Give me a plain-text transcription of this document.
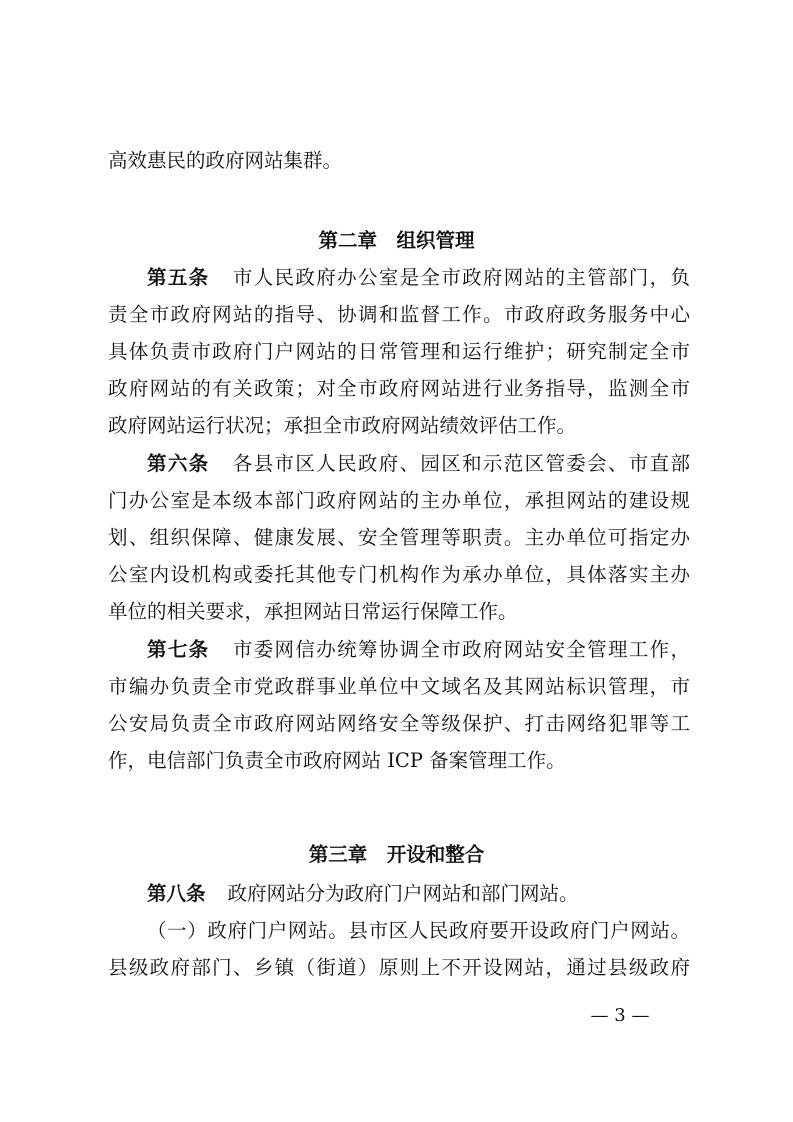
高效惠民的政府网站集群。
第二章　组织管理
第五条 市人民政府办公室是全市政府网站的主管部门，负
责全市政府网站的指导、协调和监督工作。市政府政务服务中心
具体负责市政府门户网站的日常管理和运行维护；研究制定全市
政府网站的有关政策；对全市政府网站进行业务指导，监测全市
政府网站运行状况；承担全市政府网站绩效评估工作。
第六条 各县市区人民政府、园区和示范区管委会、市直部
门办公室是本级本部门政府网站的主办单位，承担网站的建设规
划、组织保障、健康发展、安全管理等职责。主办单位可指定办
公室内设机构或委托其他专门机构作为承办单位，具体落实主办
单位的相关要求，承担网站日常运行保障工作。
第七条 市委网信办统筹协调全市政府网站安全管理工作，
市编办负责全市党政群事业单位中文域名及其网站标识管理，市
公安局负责全市政府网站网络安全等级保护、打击网络犯罪等工
作，电信部门负责全市政府网站 ICP 备案管理工作。
第三章　开设和整合
第八条 政府网站分为政府门户网站和部门网站。
（一）政府门户网站。县市区人民政府要开设政府门户网站。
县级政府部门、乡镇（街道）原则上不开设网站，通过县级政府
— 3 —
